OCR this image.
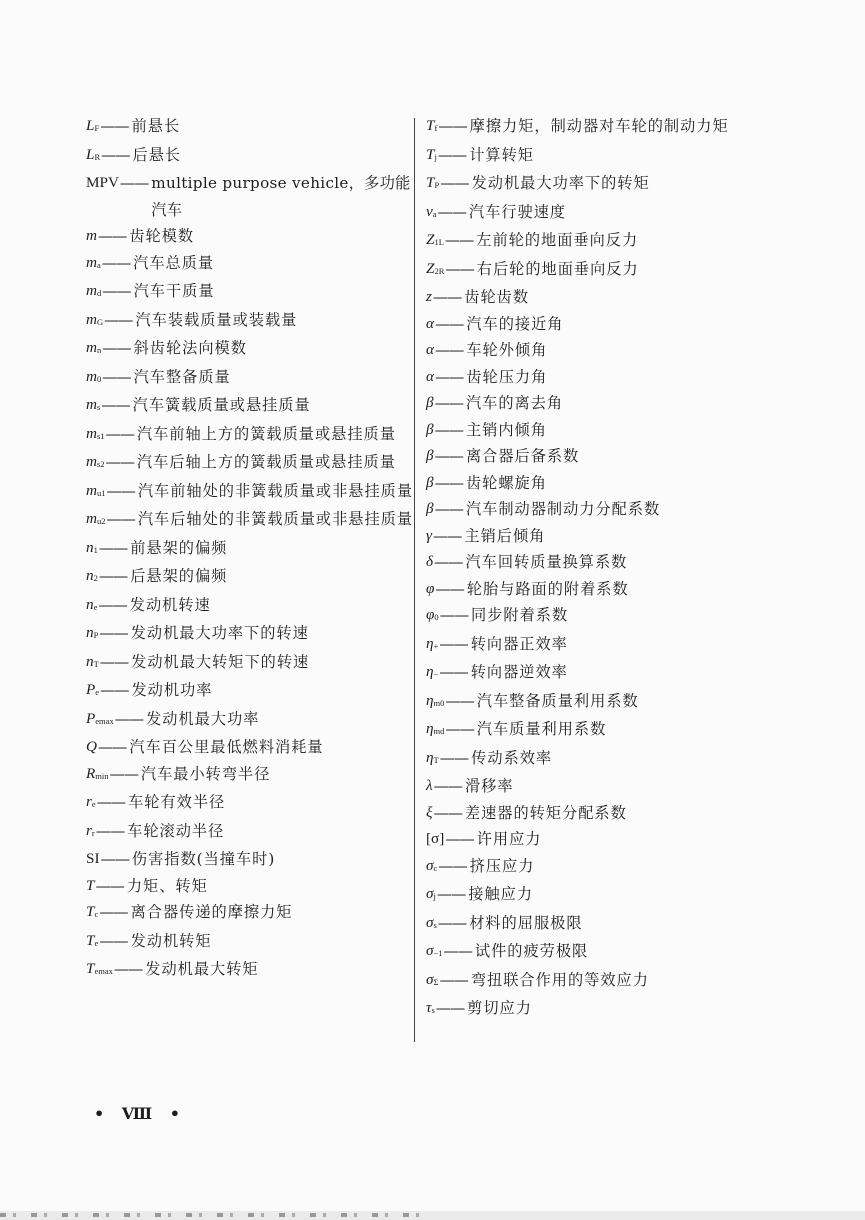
$L_F$ —— 前悬长
$L_R$ —— 后悬长
MPV —— multiple purpose vehicle，多功能汽车
m —— 齿轮模数
$m_a$ —— 汽车总质量
$m_d$ —— 汽车干质量
$m_G$ —— 汽车装载质量或装载量
$m_n$ —— 斜齿轮法向模数
$m_0$ —— 汽车整备质量
$m_s$ —— 汽车簧载质量或悬挂质量
$m_{s1}$ —— 汽车前轴上方的簧载质量或悬挂质量
$m_{s2}$ —— 汽车后轴上方的簧载质量或悬挂质量
$m_{u1}$ —— 汽车前轴处的非簧载质量或非悬挂质量
$m_{u2}$ —— 汽车后轴处的非簧载质量或非悬挂质量
$n_1$ —— 前悬架的偏频
$n_2$ —— 后悬架的偏频
$n_e$ —— 发动机转速
$n_P$ —— 发动机最大功率下的转速
$n_T$ —— 发动机最大转矩下的转速
$P_e$ —— 发动机功率
$P_{emax}$ —— 发动机最大功率
Q —— 汽车百公里最低燃料消耗量
$R_{min}$ —— 汽车最小转弯半径
$r_e$ —— 车轮有效半径
$r_r$ —— 车轮滚动半径
SI —— 伤害指数(当撞车时)
T —— 力矩、转矩
$T_c$ —— 离合器传递的摩擦力矩
$T_e$ —— 发动机转矩
$T_{emax}$ —— 发动机最大转矩
$T_f$ —— 摩擦力矩，制动器对车轮的制动力矩
$T_j$ —— 计算转矩
$T_P$ —— 发动机最大功率下的转矩
$v_a$ —— 汽车行驶速度
$Z_{1L}$ —— 左前轮的地面垂向反力
$Z_{2R}$ —— 右后轮的地面垂向反力
z —— 齿轮齿数
α —— 汽车的接近角
α —— 车轮外倾角
α —— 齿轮压力角
β —— 汽车的离去角
β —— 主销内倾角
β —— 离合器后备系数
β —— 齿轮螺旋角
β —— 汽车制动器制动力分配系数
γ —— 主销后倾角
δ —— 汽车回转质量换算系数
φ —— 轮胎与路面的附着系数
$\varphi_0$ —— 同步附着系数
$\eta_+$ —— 转向器正效率
$\eta_-$ —— 转向器逆效率
$\eta_{m0}$ —— 汽车整备质量利用系数
$\eta_{md}$ —— 汽车质量利用系数
$\eta_T$ —— 传动系效率
λ —— 滑移率
ξ —— 差速器的转矩分配系数
[σ] —— 许用应力
$\sigma_c$ —— 挤压应力
$\sigma_j$ —— 接触应力
$\sigma_s$ —— 材料的屈服极限
$\sigma_{-1}$ —— 试件的疲劳极限
$\sigma_\Sigma$ —— 弯扭联合作用的等效应力
$\tau_s$ —— 剪切应力
• Ⅷ •
